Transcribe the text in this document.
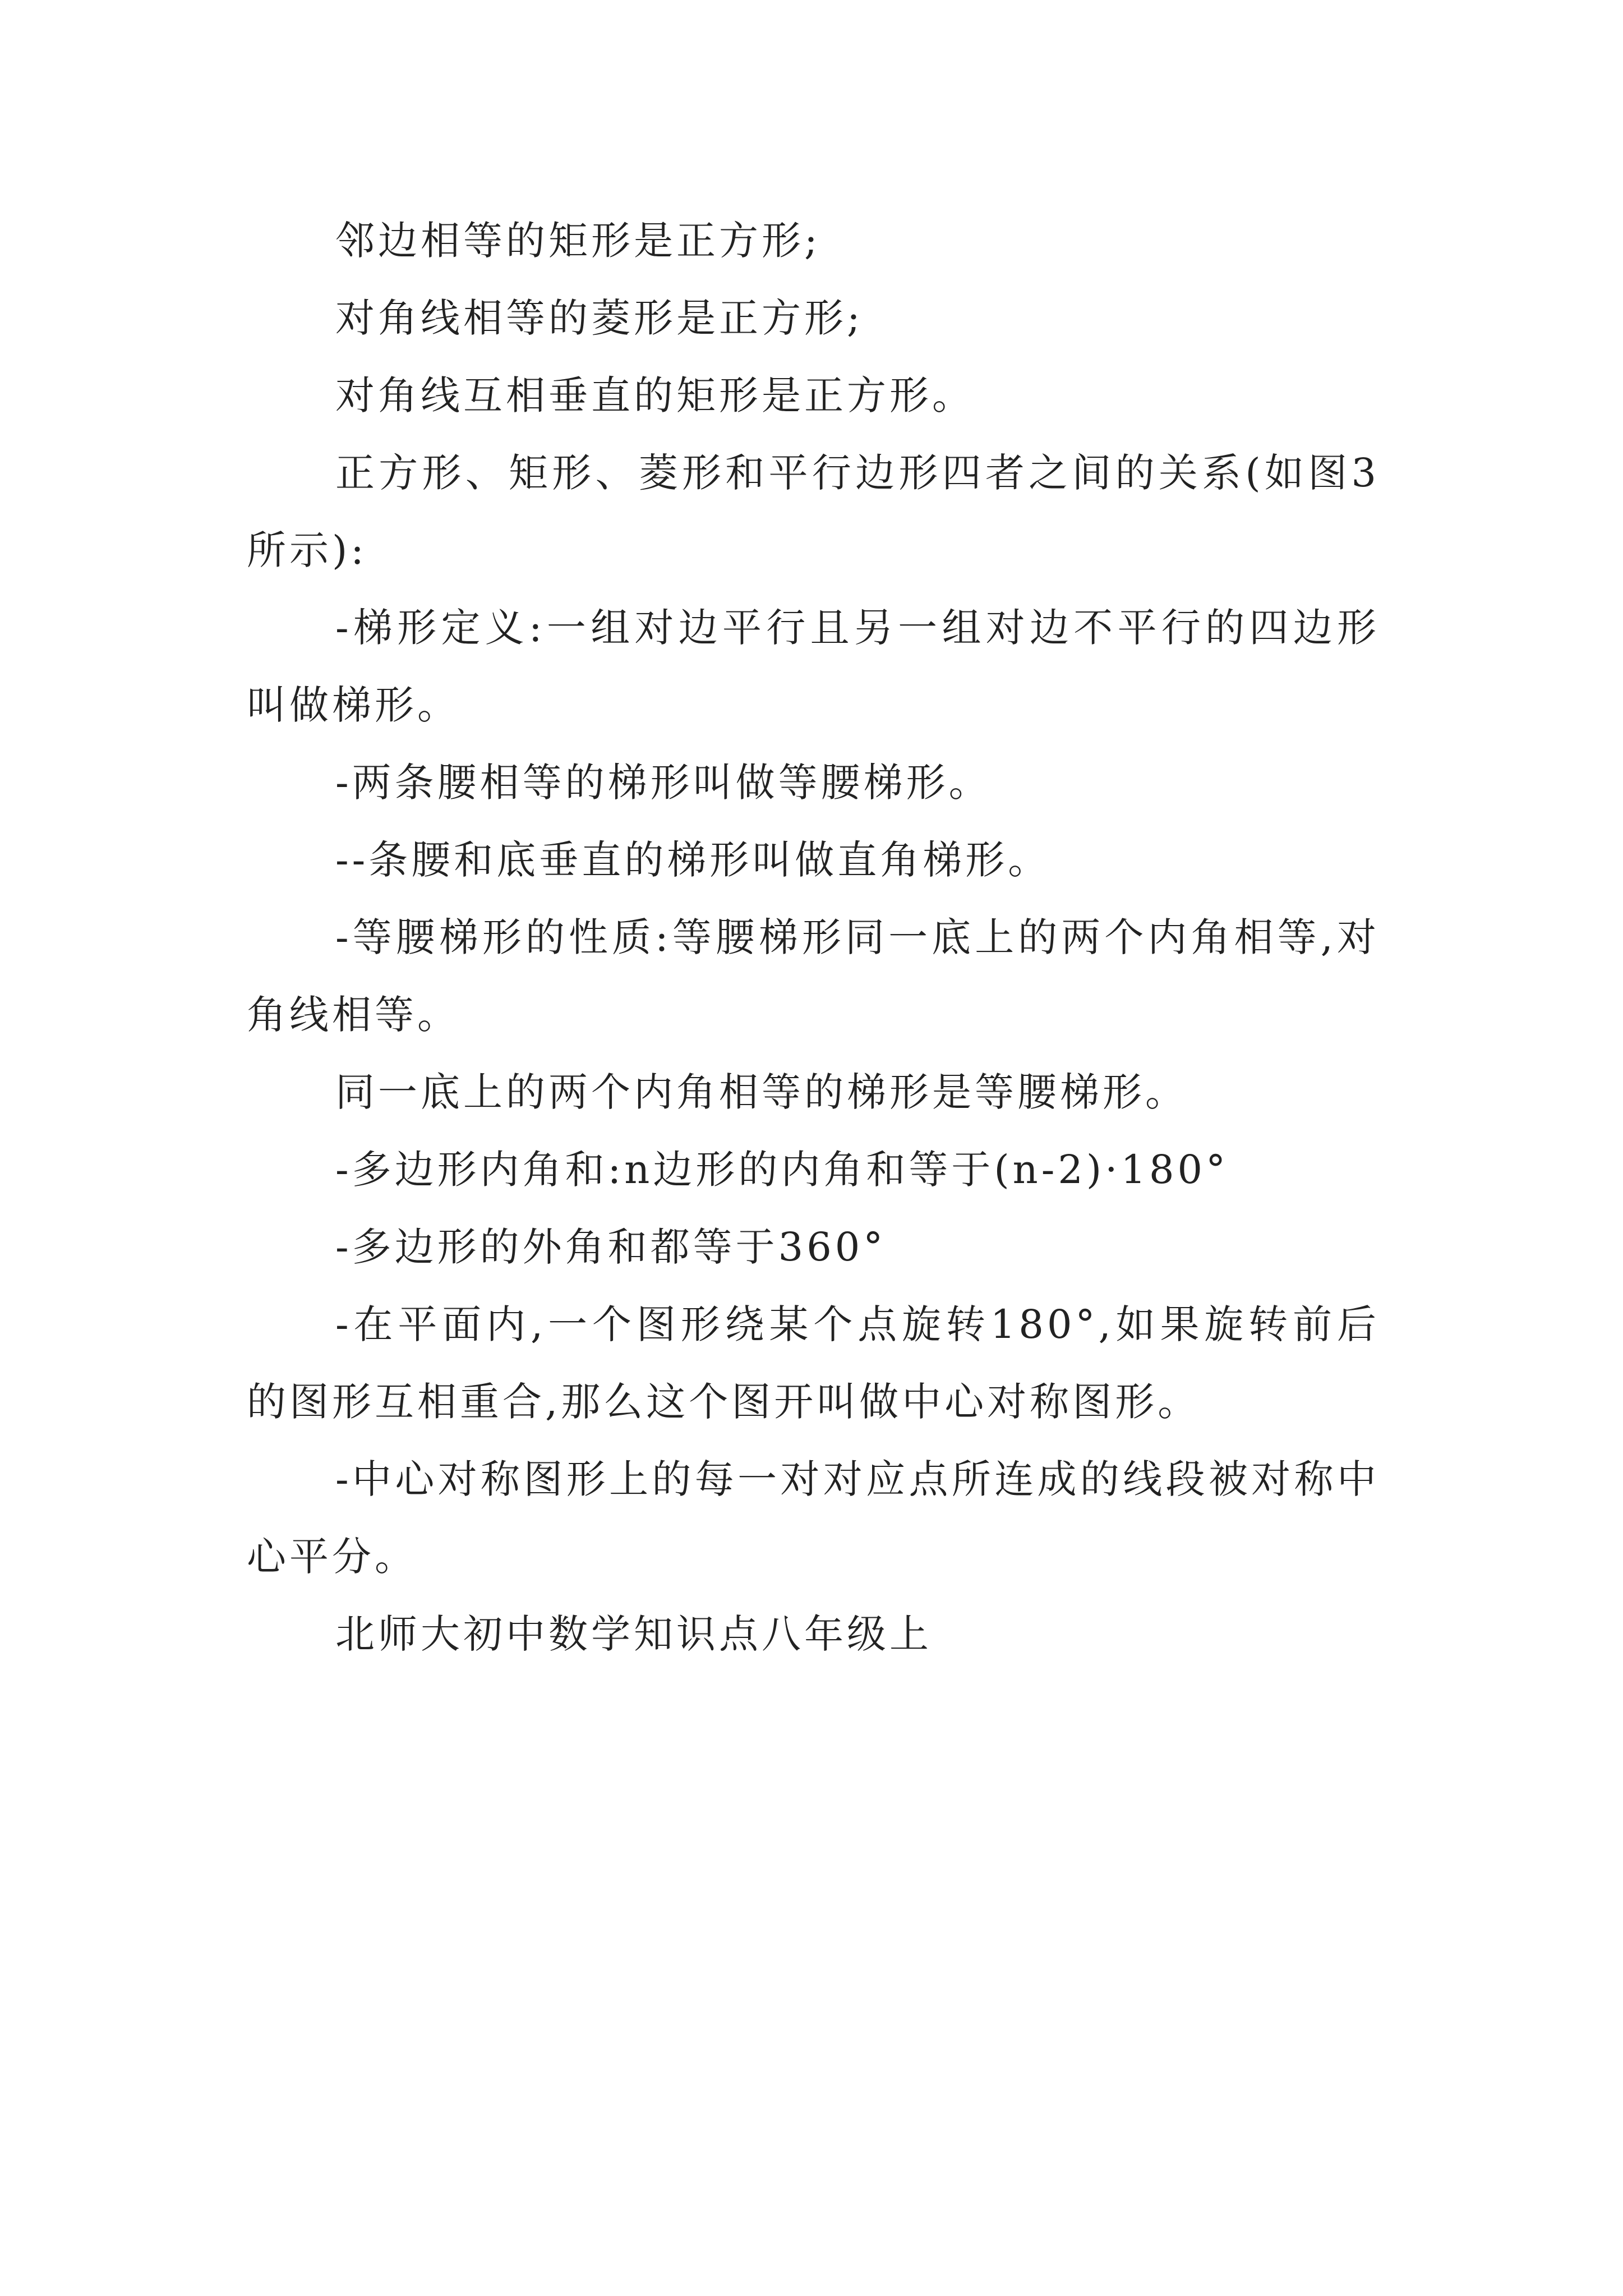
邻边相等的矩形是正方形;

对角线相等的菱形是正方形;

对角线互相垂直的矩形是正方形。

正方形、矩形、菱形和平行边形四者之间的关系(如图3所示):

-梯形定义:一组对边平行且另一组对边不平行的四边形叫做梯形。

-两条腰相等的梯形叫做等腰梯形。

--条腰和底垂直的梯形叫做直角梯形。

-等腰梯形的性质:等腰梯形同一底上的两个内角相等,对角线相等。

同一底上的两个内角相等的梯形是等腰梯形。

-多边形内角和:n边形的内角和等于(n-2)·180°

-多边形的外角和都等于360°

-在平面内,一个图形绕某个点旋转180°,如果旋转前后的图形互相重合,那么这个图开叫做中心对称图形。

-中心对称图形上的每一对对应点所连成的线段被对称中心平分。

北师大初中数学知识点八年级上
